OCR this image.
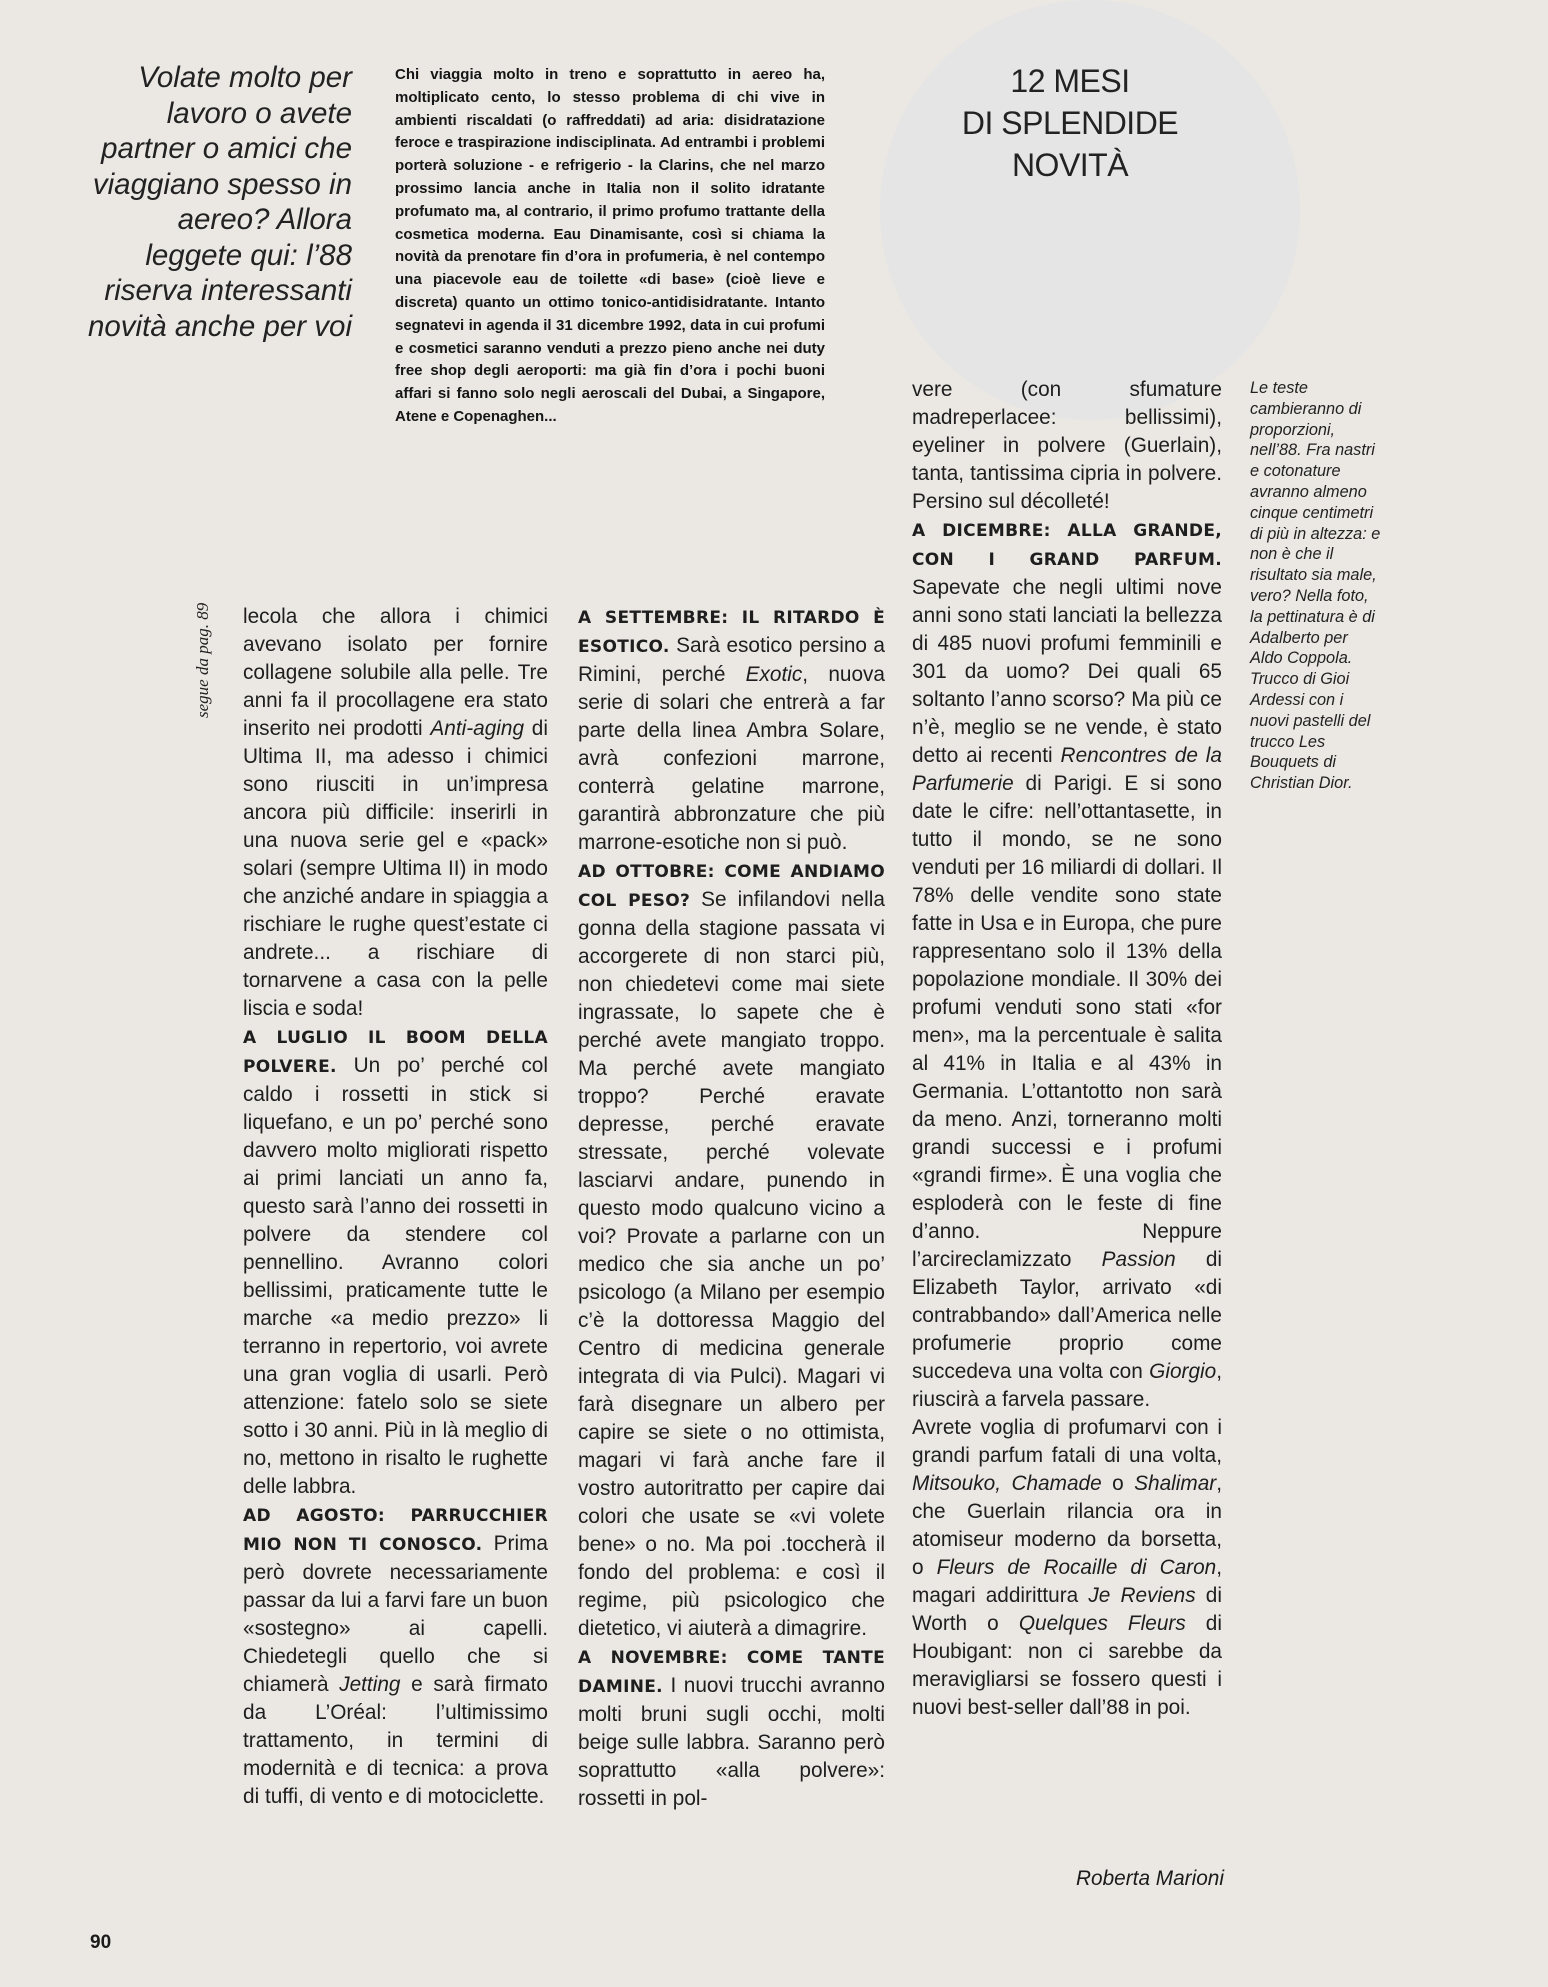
Volate molto per lavoro o avete partner o amici che viaggiano spesso in aereo? Allora leggete qui: l’88 riserva interessanti novità anche per voi
Chi viaggia molto in treno e soprattutto in aereo ha, moltiplicato cento, lo stesso problema di chi vive in ambienti riscaldati (o raffreddati) ad aria: disidratazione feroce e traspirazione indisciplinata. Ad entrambi i problemi porterà soluzione - e refrigerio - la Clarins, che nel marzo prossimo lancia anche in Italia non il solito idratante profumato ma, al contrario, il primo profumo trattante della cosmetica moderna. Eau Dinamisante, così si chiama la novità da prenotare fin d’ora in profumeria, è nel contempo una piacevole eau de toilette «di base» (cioè lieve e discreta) quanto un ottimo tonico-antidisidratante. Intanto segnatevi in agenda il 31 dicembre 1992, data in cui profumi e cosmetici saranno venduti a prezzo pieno anche nei duty free shop degli aeroporti: ma già fin d’ora i pochi buoni affari si fanno solo negli aeroscali del Dubai, a Singapore, Atene e Copenaghen...
12 MESI
DI SPLENDIDE
NOVITÀ
segue da pag. 89 lecola che allora i chimici avevano isolato per fornire collagene solubile alla pelle. Tre anni fa il procollagene era stato inserito nei prodotti Anti-aging di Ultima II, ma adesso i chimici sono riusciti in un’impresa ancora più difficile: inserirli in una nuova serie gel e «pack» solari (sempre Ultima II) in modo che anziché andare in spiaggia a rischiare le rughe quest’estate ci andrete... a rischiare di tornarvene a casa con la pelle liscia e soda!

A LUGLIO IL BOOM DELLA POLVERE. Un po’ perché col caldo i rossetti in stick si liquefano, e un po’ perché sono davvero molto migliorati rispetto ai primi lanciati un anno fa, questo sarà l’anno dei rossetti in polvere da stendere col pennellino. Avranno colori bellissimi, praticamente tutte le marche «a medio prezzo» li terranno in repertorio, voi avrete una gran voglia di usarli. Però attenzione: fatelo solo se siete sotto i 30 anni. Più in là meglio di no, mettono in risalto le rughette delle labbra.

AD AGOSTO: PARRUCCHIER MIO NON TI CONOSCO. Prima però dovrete necessariamente passar da lui a farvi fare un buon «sostegno» ai capelli. Chiedetegli quello che si chiamerà Jetting e sarà firmato da L’Oréal: l’ultimissimo trattamento, in termini di modernità e di tecnica: a prova di tuffi, di vento e di motociclette.

A SETTEMBRE: IL RITARDO È ESOTICO. Sarà esotico persino a Rimini, perché Exotic, nuova serie di solari che entrerà a far parte della linea Ambra Solare, avrà confezioni marrone, conterrà gelatine marrone, garantirà abbronzature che più marrone-esotiche non si può.

AD OTTOBRE: COME ANDIAMO COL PESO? Se infilandovi nella gonna della stagione passata vi accorgerete di non starci più, non chiedetevi come mai siete ingrassate, lo sapete che è perché avete mangiato troppo. Ma perché avete mangiato troppo? Perché eravate depresse, perché eravate stressate, perché volevate lasciarvi andare, punendo in questo modo qualcuno vicino a voi? Provate a parlarne con un medico che sia anche un po’ psicologo (a Milano per esempio c’è la dottoressa Maggio del Centro di medicina generale integrata di via Pulci). Magari vi farà disegnare un albero per capire se siete o no ottimista, magari vi farà anche fare il vostro autoritratto per capire dai colori che usate se «vi volete bene» o no. Ma poi .tocсherà il fondo del problema: e così il regime, più psicologico che dietetico, vi aiuterà a dimagrire.

A NOVEMBRE: COME TANTE DAMINE. I nuovi trucchi avranno molti bruni sugli occhi, molti beige sulle labbra. Saranno però soprattutto «alla polvere»: rossetti in pol-

vere (con sfumature madreperlacee: bellissimi), eyeliner in polvere (Guerlain), tanta, tantissima cipria in polvere. Persino sul décolleté!

A DICEMBRE: ALLA GRANDE, CON I GRAND PARFUM. Sapevate che negli ultimi nove anni sono stati lanciati la bellezza di 485 nuovi profumi femminili e 301 da uomo? Dei quali 65 soltanto l’anno scorso? Ma più ce n’è, meglio se ne vende, è stato detto ai recenti Rencontres de la Parfumerie di Parigi. E si sono date le cifre: nell’ottantasette, in tutto il mondo, se ne sono venduti per 16 miliardi di dollari. Il 78% delle vendite sono state fatte in Usa e in Europa, che pure rappresentano solo il 13% della popolazione mondiale. Il 30% dei profumi venduti sono stati «for men», ma la percentuale è salita al 41% in Italia e al 43% in Germania. L’ottantotto non sarà da meno. Anzi, torneranno molti grandi successi e i profumi «grandi firme». È una voglia che esploderà con le feste di fine d’anno. Neppure l’arcireclamizzato Passion di Elizabeth Taylor, arrivato «di contrabbando» dall’America nelle profumerie proprio come succedeva una volta con Giorgio, riuscirà a farvela passare.

Avrete voglia di profumarvi con i grandi parfum fatali di una volta, Mitsouko, Chamade o Shalimar, che Guerlain rilancia ora in atomiseur moderno da borsetta, o Fleurs de Rocaille di Caron, magari addirittura Je Reviens di Worth o Quelques Fleurs di Houbigant: non ci sarebbe da meravigliarsi se fossero questi i nuovi best-seller dall’88 in poi.

Roberta Marioni
Le teste cambieranno di proporzioni, nell’88. Fra nastri e cotonature avranno almeno cinque centimetri di più in altezza: e non è che il risultato sia male, vero? Nella foto, la pettinatura è di Adalberto per Aldo Coppola. Trucco di Gioi Ardessi con i nuovi pastelli del trucco Les Bouquets di Christian Dior.
90
